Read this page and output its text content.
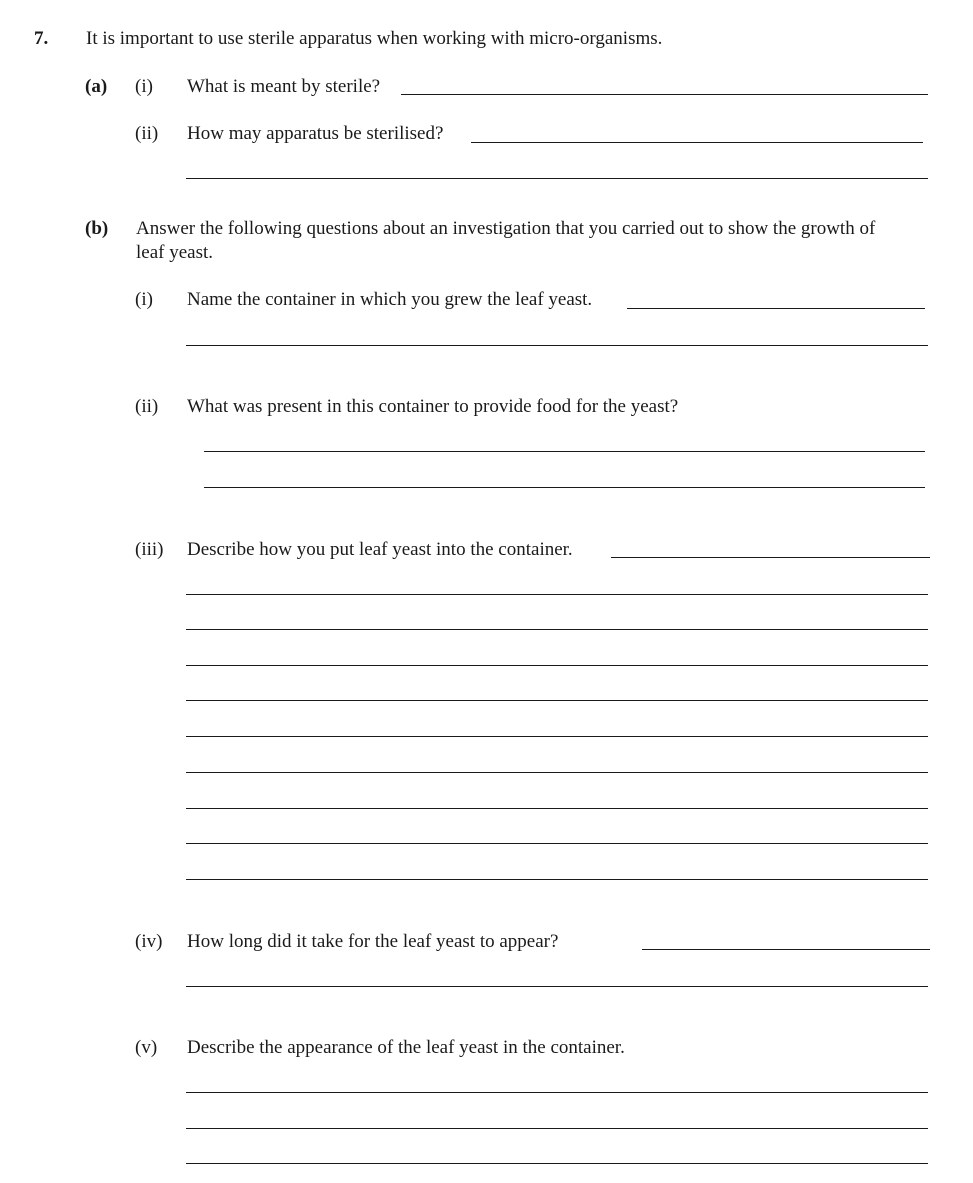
7. It is important to use sterile apparatus when working with micro-organisms.
(a) (i) What is meant by sterile?
(ii) How may apparatus be sterilised?
(b) Answer the following questions about an investigation that you carried out to show the growth of
leaf yeast.
(i) Name the container in which you grew the leaf yeast.
(ii) What was present in this container to provide food for the yeast?
(iii) Describe how you put leaf yeast into the container.
(iv) How long did it take for the leaf yeast to appear?
(v) Describe the appearance of the leaf yeast in the container.
